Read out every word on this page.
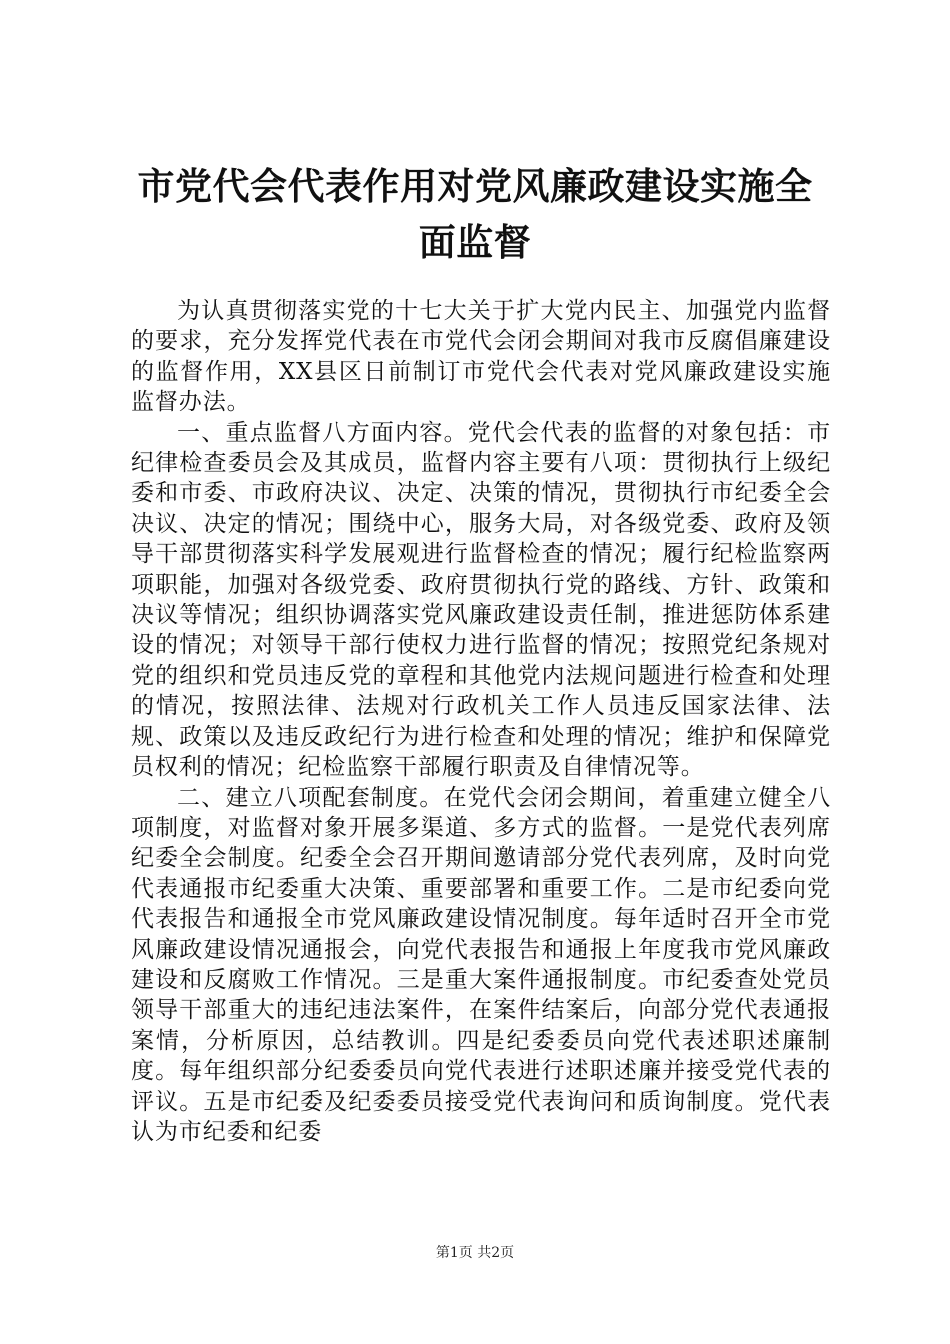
市党代会代表作用对党风廉政建设实施全面监督

为认真贯彻落实党的十七大关于扩大党内民主、加强党内监督的要求，充分发挥党代表在市党代会闭会期间对我市反腐倡廉建设的监督作用，XX县区日前制订市党代会代表对党风廉政建设实施监督办法。

一、重点监督八方面内容。党代会代表的监督的对象包括：市纪律检查委员会及其成员，监督内容主要有八项：贯彻执行上级纪委和市委、市政府决议、决定、决策的情况，贯彻执行市纪委全会决议、决定的情况；围绕中心，服务大局，对各级党委、政府及领导干部贯彻落实科学发展观进行监督检查的情况；履行纪检监察两项职能，加强对各级党委、政府贯彻执行党的路线、方针、政策和决议等情况；组织协调落实党风廉政建设责任制，推进惩防体系建设的情况；对领导干部行使权力进行监督的情况；按照党纪条规对党的组织和党员违反党的章程和其他党内法规问题进行检查和处理的情况，按照法律、法规对行政机关工作人员违反国家法律、法规、政策以及违反政纪行为进行检查和处理的情况；维护和保障党员权利的情况；纪检监察干部履行职责及自律情况等。

二、建立八项配套制度。在党代会闭会期间，着重建立健全八项制度，对监督对象开展多渠道、多方式的监督。一是党代表列席纪委全会制度。纪委全会召开期间邀请部分党代表列席，及时向党代表通报市纪委重大决策、重要部署和重要工作。二是市纪委向党代表报告和通报全市党风廉政建设情况制度。每年适时召开全市党风廉政建设情况通报会，向党代表报告和通报上年度我市党风廉政建设和反腐败工作情况。三是重大案件通报制度。市纪委查处党员领导干部重大的违纪违法案件，在案件结案后，向部分党代表通报案情，分析原因，总结教训。四是纪委委员向党代表述职述廉制度。每年组织部分纪委委员向党代表进行述职述廉并接受党代表的评议。五是市纪委及纪委委员接受党代表询问和质询制度。党代表认为市纪委和纪委

第1页 共2页
